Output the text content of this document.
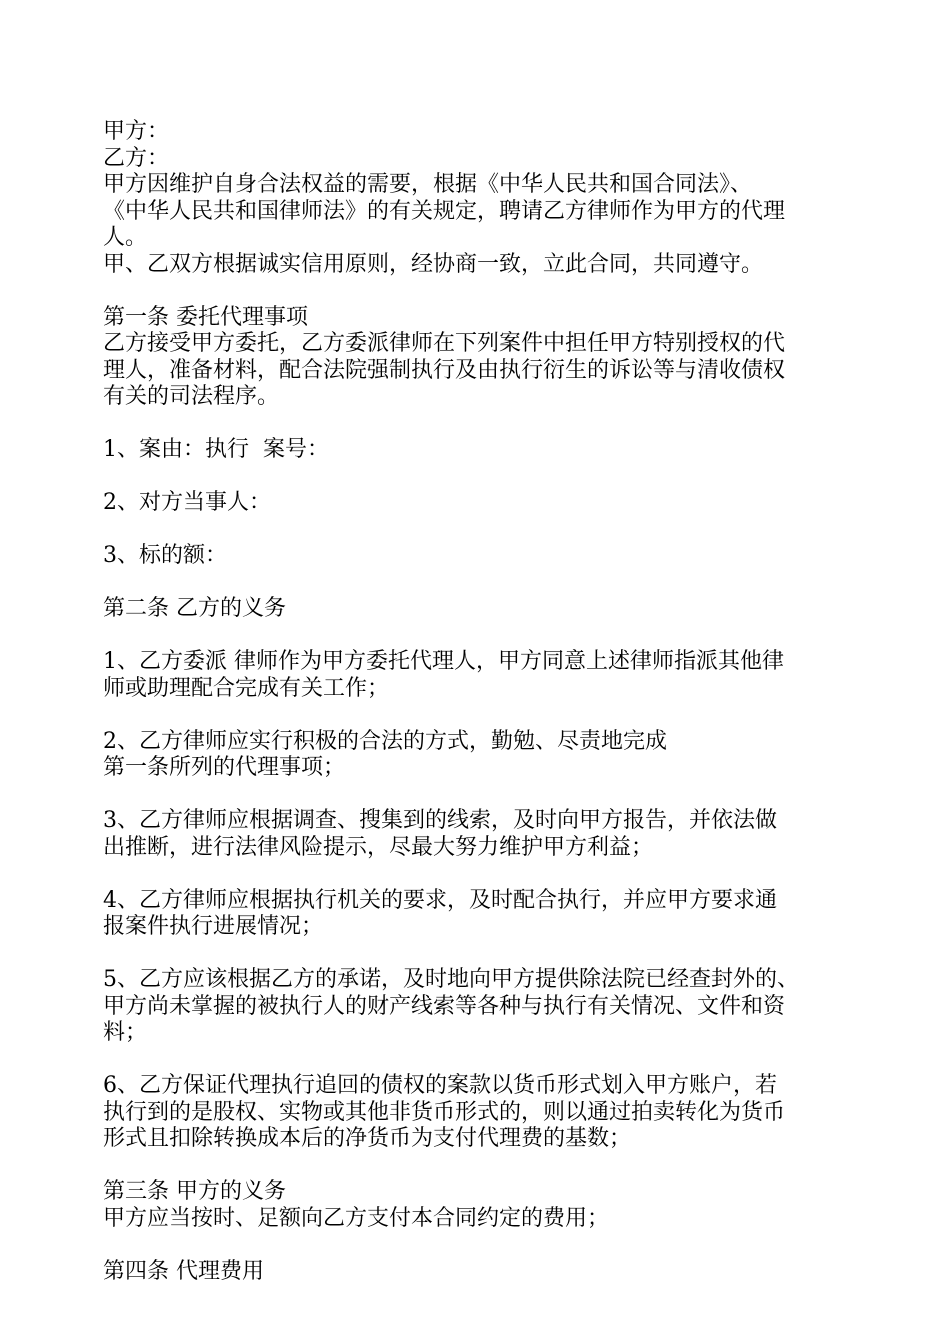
甲方：
乙方：
甲方因维护自身合法权益的需要，根据《中华人民共和国合同法》、
《中华人民共和国律师法》的有关规定，聘请乙方律师作为甲方的代理
人。
甲、乙双方根据诚实信用原则，经协商一致，立此合同，共同遵守。
第一条 委托代理事项
乙方接受甲方委托，乙方委派律师在下列案件中担任甲方特别授权的代
理人，准备材料，配合法院强制执行及由执行衍生的诉讼等与清收债权
有关的司法程序。
1、案由：执行  案号：
2、对方当事人：
3、标的额：
第二条 乙方的义务
1、乙方委派 律师作为甲方委托代理人，甲方同意上述律师指派其他律
师或助理配合完成有关工作；
2、乙方律师应实行积极的合法的方式，勤勉、尽责地完成
第一条所列的代理事项；
3、乙方律师应根据调查、搜集到的线索，及时向甲方报告，并依法做
出推断，进行法律风险提示，尽最大努力维护甲方利益；
4、乙方律师应根据执行机关的要求，及时配合执行，并应甲方要求通
报案件执行进展情况；
5、乙方应该根据乙方的承诺，及时地向甲方提供除法院已经查封外的、
甲方尚未掌握的被执行人的财产线索等各种与执行有关情况、文件和资
料；
6、乙方保证代理执行追回的债权的案款以货币形式划入甲方账户，若
执行到的是股权、实物或其他非货币形式的，则以通过拍卖转化为货币
形式且扣除转换成本后的净货币为支付代理费的基数；
第三条 甲方的义务
甲方应当按时、足额向乙方支付本合同约定的费用；
第四条 代理费用
